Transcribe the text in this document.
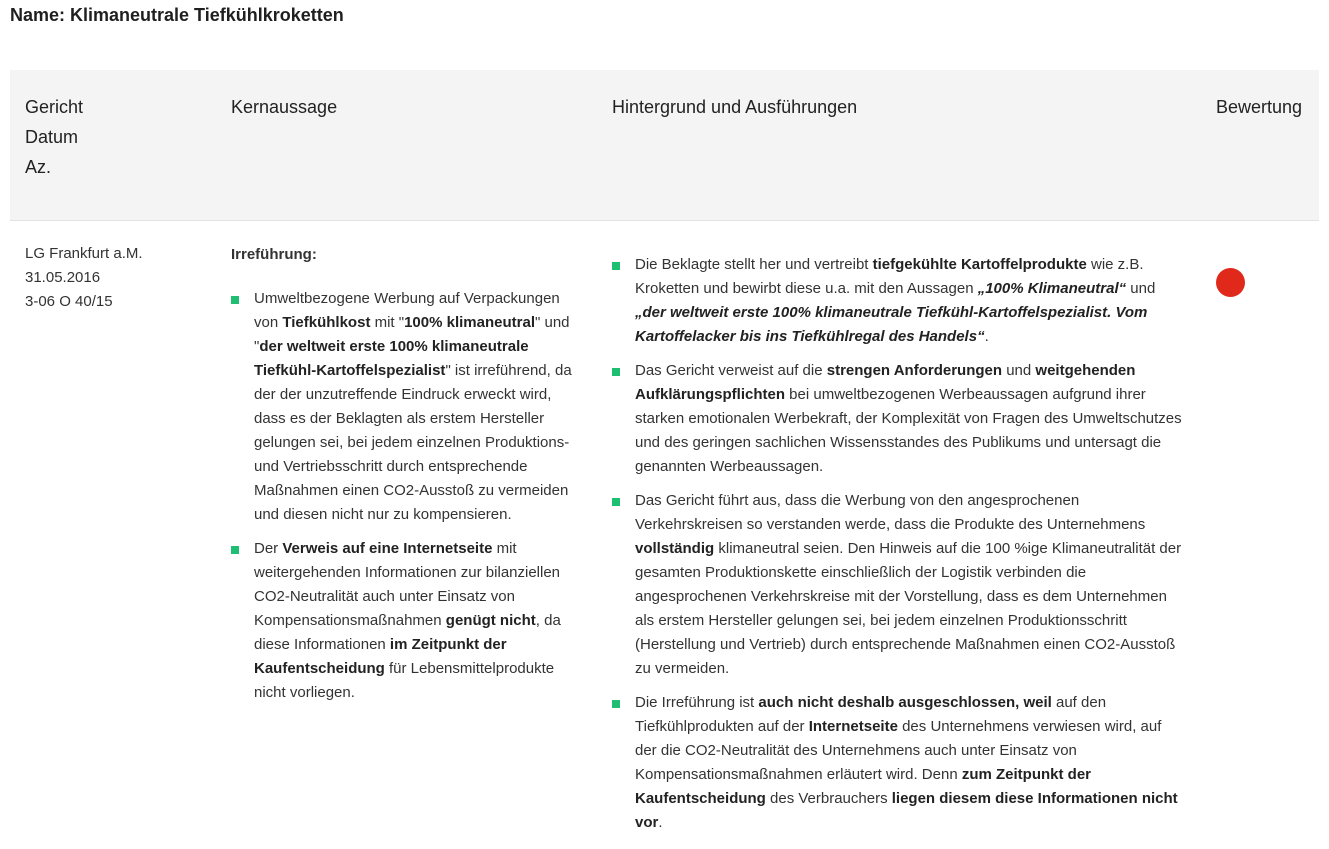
Name: Klimaneutrale Tiefkühlkroketten
Gericht
Datum
Az.
Kernaussage	Hintergrund und Ausführungen	Bewertung
LG Frankfurt a.M.
31.05.2016
3-06 O 40/15
Irreführung:
Umweltbezogene Werbung auf Verpackungen von Tiefkühlkost mit "100% klimaneutral" und "der weltweit erste 100% klimaneutrale Tiefkühl-Kartoffelspezialist" ist irreführend, da der der unzutreffende Eindruck erweckt wird, dass es der Beklagten als erstem Hersteller gelungen sei, bei jedem einzelnen Produktions- und Vertriebsschritt durch entsprechende Maßnahmen einen CO2-Ausstoß zu vermeiden und diesen nicht nur zu kompensieren.
Der Verweis auf eine Internetseite mit weitergehenden Informationen zur bilanziellen CO2-Neutralität auch unter Einsatz von Kompensationsmaßnahmen genügt nicht, da diese Informationen im Zeitpunkt der Kaufentscheidung für Lebensmittelprodukte nicht vorliegen.
Die Beklagte stellt her und vertreibt tiefgekühlte Kartoffelprodukte wie z.B. Kroketten und bewirbt diese u.a. mit den Aussagen „100% Klimaneutral“ und „der weltweit erste 100% klimaneutrale Tiefkühl-Kartoffelspezialist. Vom Kartoffelacker bis ins Tiefkühlregal des Handels“.
Das Gericht verweist auf die strengen Anforderungen und weitgehenden Aufklärungspflichten bei umweltbezogenen Werbeaussagen aufgrund ihrer starken emotionalen Werbekraft, der Komplexität von Fragen des Umweltschutzes und des geringen sachlichen Wissensstandes des Publikums und untersagt die genannten Werbeaussagen.
Das Gericht führt aus, dass die Werbung von den angesprochenen Verkehrskreisen so verstanden werde, dass die Produkte des Unternehmens vollständig klimaneutral seien. Den Hinweis auf die 100 %ige Klimaneutralität der gesamten Produktionskette einschließlich der Logistik verbinden die angesprochenen Verkehrskreise mit der Vorstellung, dass es dem Unternehmen als erstem Hersteller gelungen sei, bei jedem einzelnen Produktionsschritt (Herstellung und Vertrieb) durch entsprechende Maßnahmen einen CO2-Ausstoß zu vermeiden.
Die Irreführung ist auch nicht deshalb ausgeschlossen, weil auf den Tiefkühlprodukten auf der Internetseite des Unternehmens verwiesen wird, auf der die CO2-Neutralität des Unternehmens auch unter Einsatz von Kompensationsmaßnahmen erläutert wird. Denn zum Zeitpunkt der Kaufentscheidung des Verbrauchers liegen diesem diese Informationen nicht vor.
